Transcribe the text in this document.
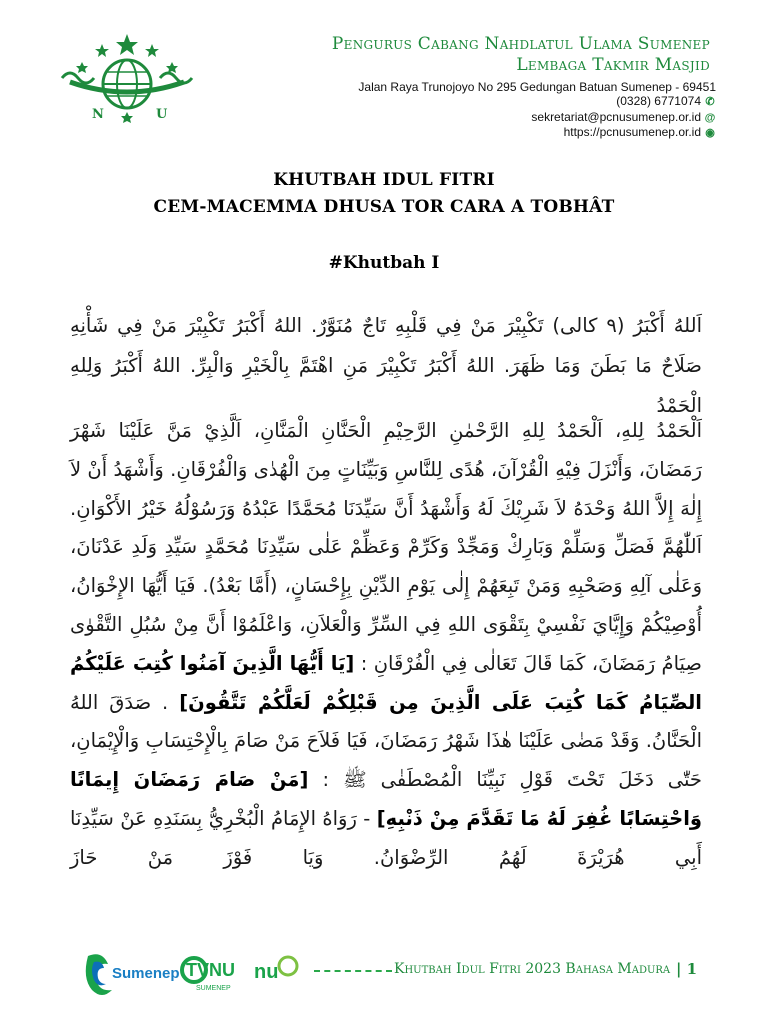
N	U
Pengurus Cabang Nahdlatul Ulama Sumenep
Lembaga Takmir Masjid
Jalan Raya Trunojoyo No 295 Gedungan Batuan Sumenep - 69451
(0328) 6771074 ✆
sekretariat@pcnusumenep.or.id @
https://pcnusumenep.or.id ◉
KHUTBAH IDUL FITRI
CEM-MACEMMA DHUSA TOR CARA A TOBHÂT
#Khutbah I
اَللهُ أَكْبَرُ (٩ كالى) تَكْبِيْرَ مَنْ فِي قَلْبِهِ تَاجٌ مُنَوَّرٌ. اللهُ أَكْبَرُ تَكْبِيْرَ مَنْ فِي شَأْنِهِ صَلَاحٌ مَا بَطَنَ وَمَا ظَهَرَ. اللهُ أَكْبَرُ تَكْبِيْرَ مَنِ اهْتَمَّ بِالْخَيْرِ وَالْبِرِّ. اللهُ أَكْبَرُ وَلِلهِ الْحَمْدُ
اَلْحَمْدُ لِلهِ، اَلْحَمْدُ لِلهِ الرَّحْمٰنِ الرَّحِيْمِ الْحَنَّانِ الْمَنَّانِ، اَلَّذِيْ مَنَّ عَلَيْنَا شَهْرَ رَمَضَانَ، وَأَنْزَلَ فِيْهِ الْقُرْآنَ، هُدًى لِلنَّاسِ وَبَيِّنَاتٍ مِنَ الْهُدٰى وَالْفُرْقَانِ. وَأَشْهَدُ أَنْ لاَ إِلٰهَ إِلاَّ اللهُ وَحْدَهُ لاَ شَرِيْكَ لَهُ وَأَشْهَدُ أَنَّ سَيِّدَنَا مُحَمَّدًا عَبْدُهُ وَرَسُوْلُهُ خَيْرُ الأَكْوَانِ. اَللّٰهُمَّ فَصَلِّ وَسَلِّمْ وَبَارِكْ وَمَجِّدْ وَكَرِّمْ وَعَظِّمْ عَلٰى سَيِّدِنَا مُحَمَّدٍ سَيِّدِ وَلَدِ عَدْنَانَ، وَعَلٰى آلِهِ وَصَحْبِهِ وَمَنْ تَبِعَهُمْ إِلٰى يَوْمِ الدِّيْنِ بِإِحْسَانٍ، (أَمَّا بَعْدُ). فَيَا أَيُّهَا الإِخْوَانُ، أُوْصِيْكُمْ وَإِيَّايَ نَفْسِيْ بِتَقْوَى اللهِ فِي السِّرِّ وَالْعَلاَنِ، وَاعْلَمُوْا أَنَّ مِنْ سُبُلِ التَّقْوٰى صِيَامُ رَمَضَانَ، كَمَا قَالَ تَعَالٰى فِي الْفُرْقَانِ : [يَا أَيُّهَا الَّذِينَ آمَنُوا كُتِبَ عَلَيْكُمُ الصِّيَامُ كَمَا كُتِبَ عَلَى الَّذِينَ مِن قَبْلِكُمْ لَعَلَّكُمْ تَتَّقُونَ] . صَدَقَ اللهُ الْحَنَّانُ. وَقَدْ مَضٰى عَلَيْنَا هٰذَا شَهْرُ رَمَضَانَ، فَيَا فَلاَحَ مَنْ صَامَ بِالْإِحْتِسَابِ وَالْإِيْمَانِ، حَتّٰى دَخَلَ تَحْتَ قَوْلِ نَبِيِّنَا الْمُصْطَفٰى ﷺ : [مَنْ صَامَ رَمَضَانَ إِيمَانًا وَاحْتِسَابًا غُفِرَ لَهُ مَا تَقَدَّمَ مِنْ ذَنْبِهِ] - رَوَاهُ الإِمَامُ الْبُخْرِيُّ بِسَنَدِهِ عَنْ سَيِّدِنَا أَبِي هُرَيْرَةَ لَهُمُ الرِّضْوَانُ. وَيَا فَوْزَ مَنْ حَازَ
Sumenep TVNU
SUMENEP
nu	Khutbah Idul Fitri 2023 Bahasa Madura | 1
